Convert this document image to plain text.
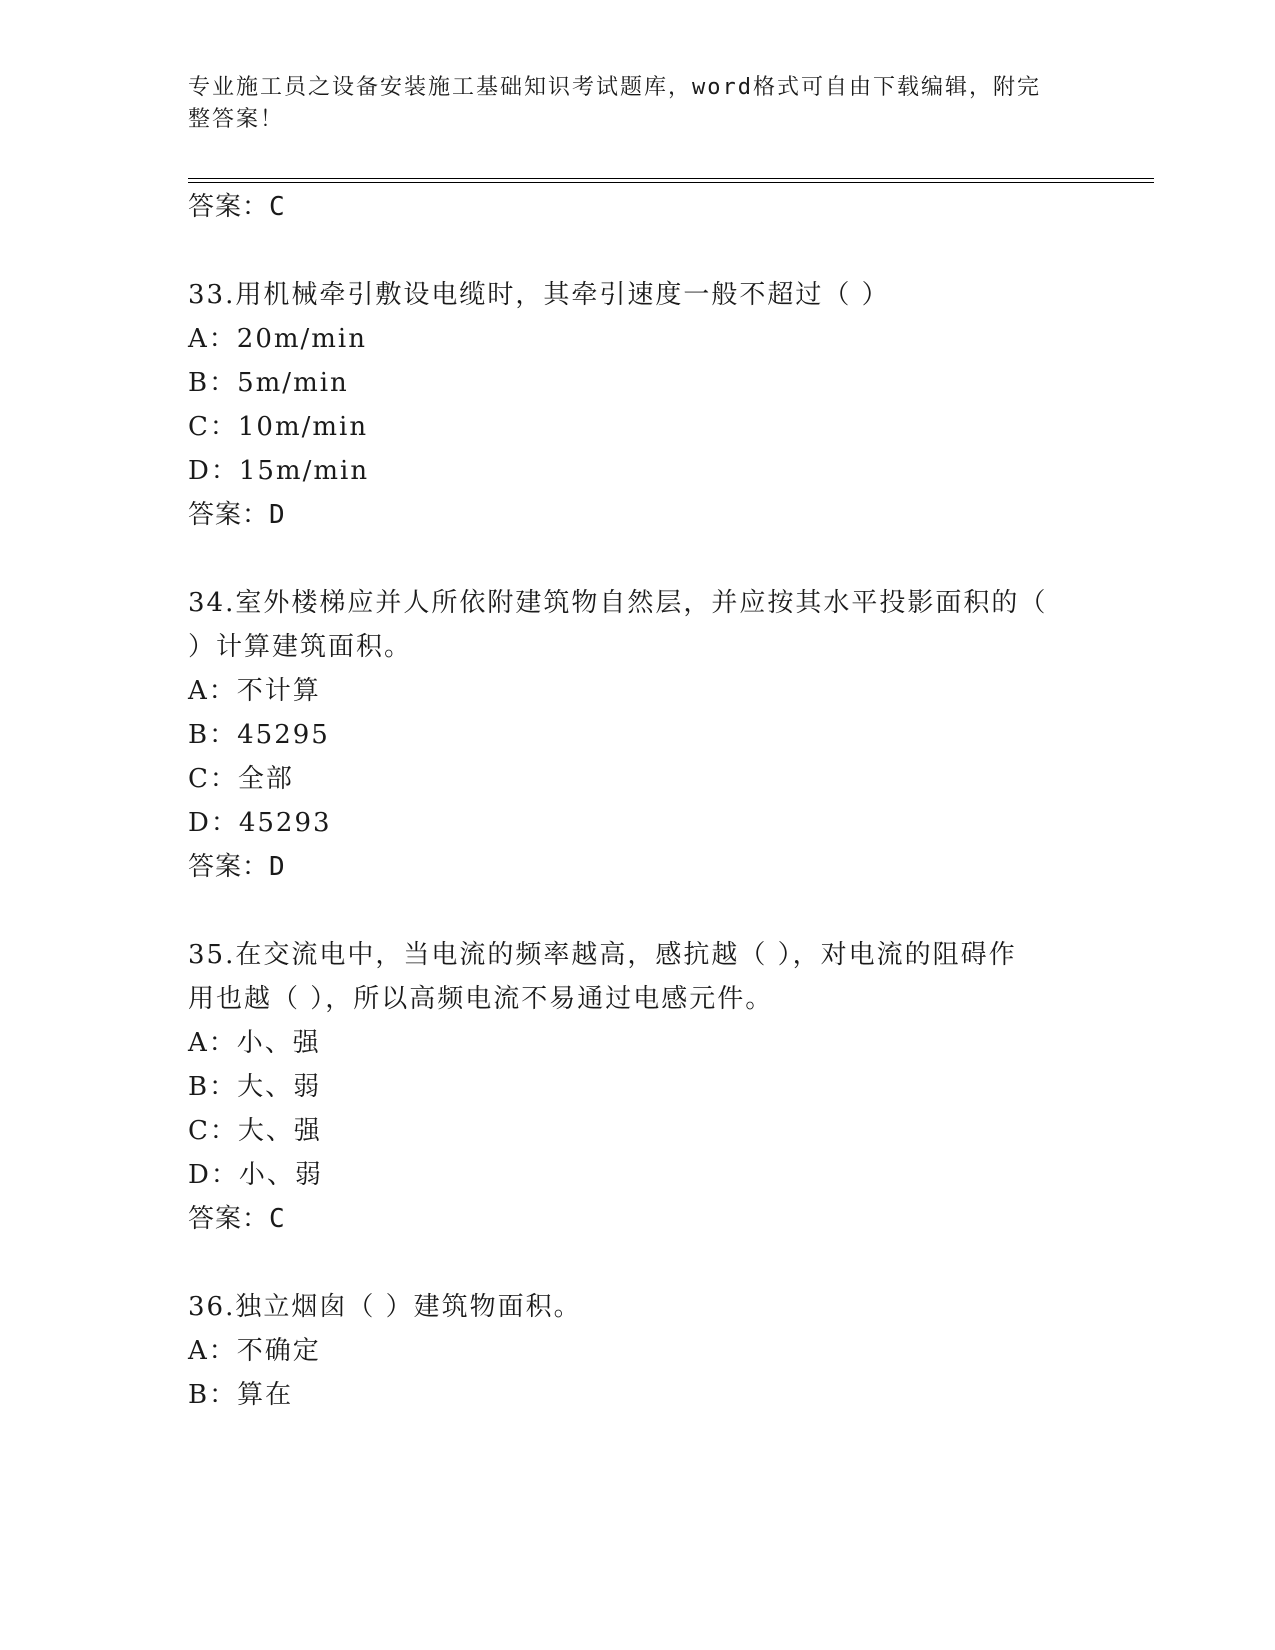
专业施工员之设备安装施工基础知识考试题库，word格式可自由下载编辑，附完
整答案！
答案：C
33.用机械牵引敷设电缆时，其牵引速度一般不超过（ ）
A：20m/min
B：5m/min
C：10m/min
D：15m/min
答案：D
34.室外楼梯应并人所依附建筑物自然层，并应按其水平投影面积的（
）计算建筑面积。
A：不计算
B：45295
C：全部
D：45293
答案：D
35.在交流电中，当电流的频率越高，感抗越（ ），对电流的阻碍作
用也越（ ），所以高频电流不易通过电感元件。
A：小、强
B：大、弱
C：大、强
D：小、弱
答案：C
36.独立烟囱（ ）建筑物面积。
A：不确定
B：算在
